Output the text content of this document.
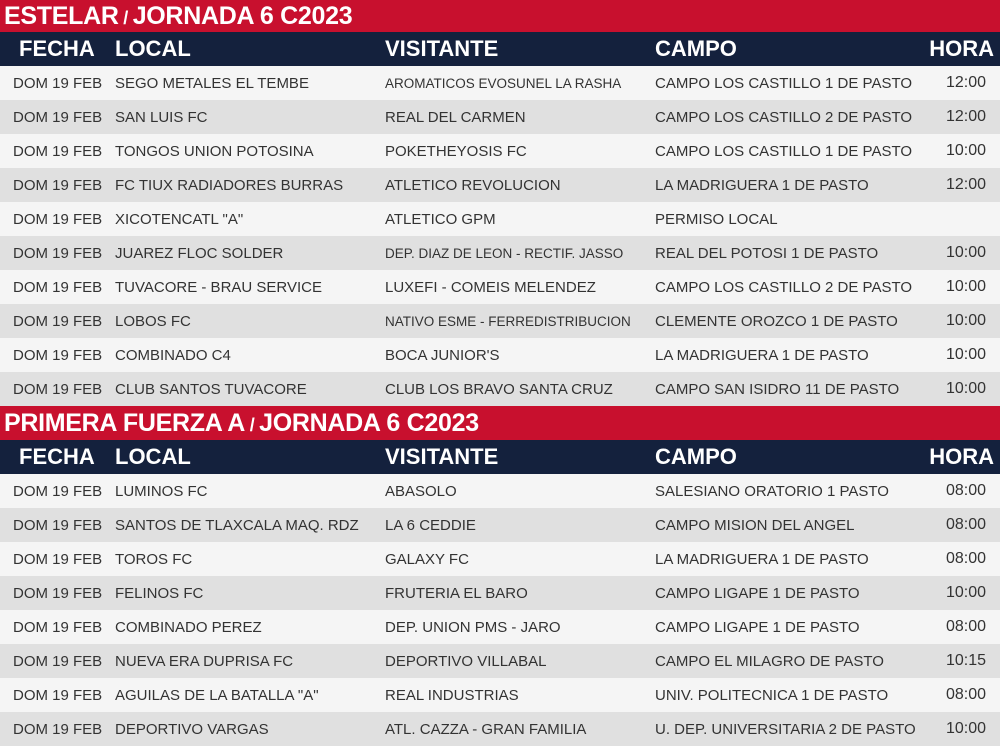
ESTELAR / JORNADA 6 C2023
FECHA LOCAL	VISITANTE	CAMPO	HORA
DOM 19 FEB SEGO METALES EL TEMBE	AROMATICOS EVOSUNEL LA RASHA	CAMPO LOS CASTILLO 1 DE PASTO	12:00
DOM 19 FEB SAN LUIS FC	REAL DEL CARMEN	CAMPO LOS CASTILLO 2 DE PASTO	12:00
DOM 19 FEB TONGOS UNION POTOSINA	POKETHEYOSIS FC	CAMPO LOS CASTILLO 1 DE PASTO	10:00
DOM 19 FEB FC TIUX RADIADORES BURRAS	ATLETICO REVOLUCION	LA MADRIGUERA 1 DE PASTO	12:00
DOM 19 FEB XICOTENCATL "A"	ATLETICO GPM	PERMISO LOCAL
DOM 19 FEB JUAREZ FLOC SOLDER	DEP. DIAZ DE LEON - RECTIF. JASSO	REAL DEL POTOSI 1 DE PASTO	10:00
DOM 19 FEB TUVACORE - BRAU SERVICE	LUXEFI - COMEIS MELENDEZ	CAMPO LOS CASTILLO 2 DE PASTO	10:00
DOM 19 FEB LOBOS FC	NATIVO ESME - FERREDISTRIBUCION	CLEMENTE OROZCO 1 DE PASTO	10:00
DOM 19 FEB COMBINADO C4	BOCA JUNIOR'S	LA MADRIGUERA 1 DE PASTO	10:00
DOM 19 FEB CLUB SANTOS TUVACORE	CLUB LOS BRAVO SANTA CRUZ	CAMPO SAN ISIDRO 11 DE PASTO	10:00
PRIMERA FUERZA A / JORNADA 6 C2023
FECHA LOCAL	VISITANTE	CAMPO	HORA
DOM 19 FEB LUMINOS FC	ABASOLO	SALESIANO ORATORIO 1 PASTO	08:00
DOM 19 FEB SANTOS DE TLAXCALA MAQ. RDZ	LA 6 CEDDIE	CAMPO MISION DEL ANGEL	08:00
DOM 19 FEB TOROS FC	GALAXY FC	LA MADRIGUERA 1 DE PASTO	08:00
DOM 19 FEB FELINOS FC	FRUTERIA EL BARO	CAMPO LIGAPE 1 DE PASTO	10:00
DOM 19 FEB COMBINADO PEREZ	DEP. UNION PMS - JARO	CAMPO LIGAPE 1 DE PASTO	08:00
DOM 19 FEB NUEVA ERA DUPRISA FC	DEPORTIVO VILLABAL	CAMPO EL MILAGRO DE PASTO	10:15
DOM 19 FEB AGUILAS DE LA BATALLA "A"	REAL INDUSTRIAS	UNIV. POLITECNICA 1 DE PASTO	08:00
DOM 19 FEB DEPORTIVO VARGAS	ATL. CAZZA - GRAN FAMILIA	U. DEP. UNIVERSITARIA 2 DE PASTO	10:00
